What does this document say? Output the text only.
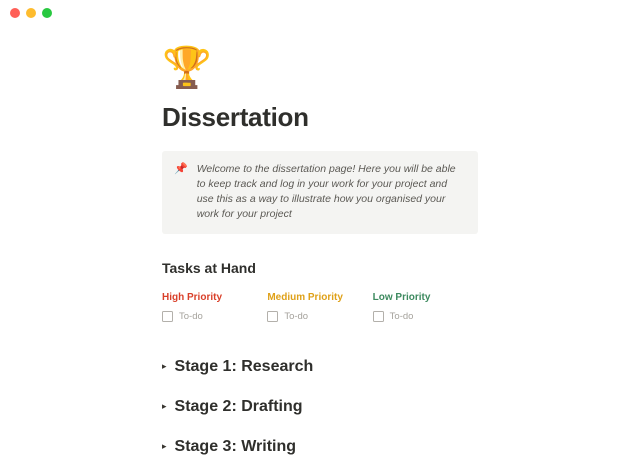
🏆
Dissertation
📌 Welcome to the dissertation page! Here you will be able to keep track and log in your work for your project and use this as a way to illustrate how you organised your work for your project
Tasks at Hand
High Priority
To-do
Medium Priority
To-do
Low Priority
To-do
▸ Stage 1: Research
▸ Stage 2: Drafting
▸ Stage 3: Writing
